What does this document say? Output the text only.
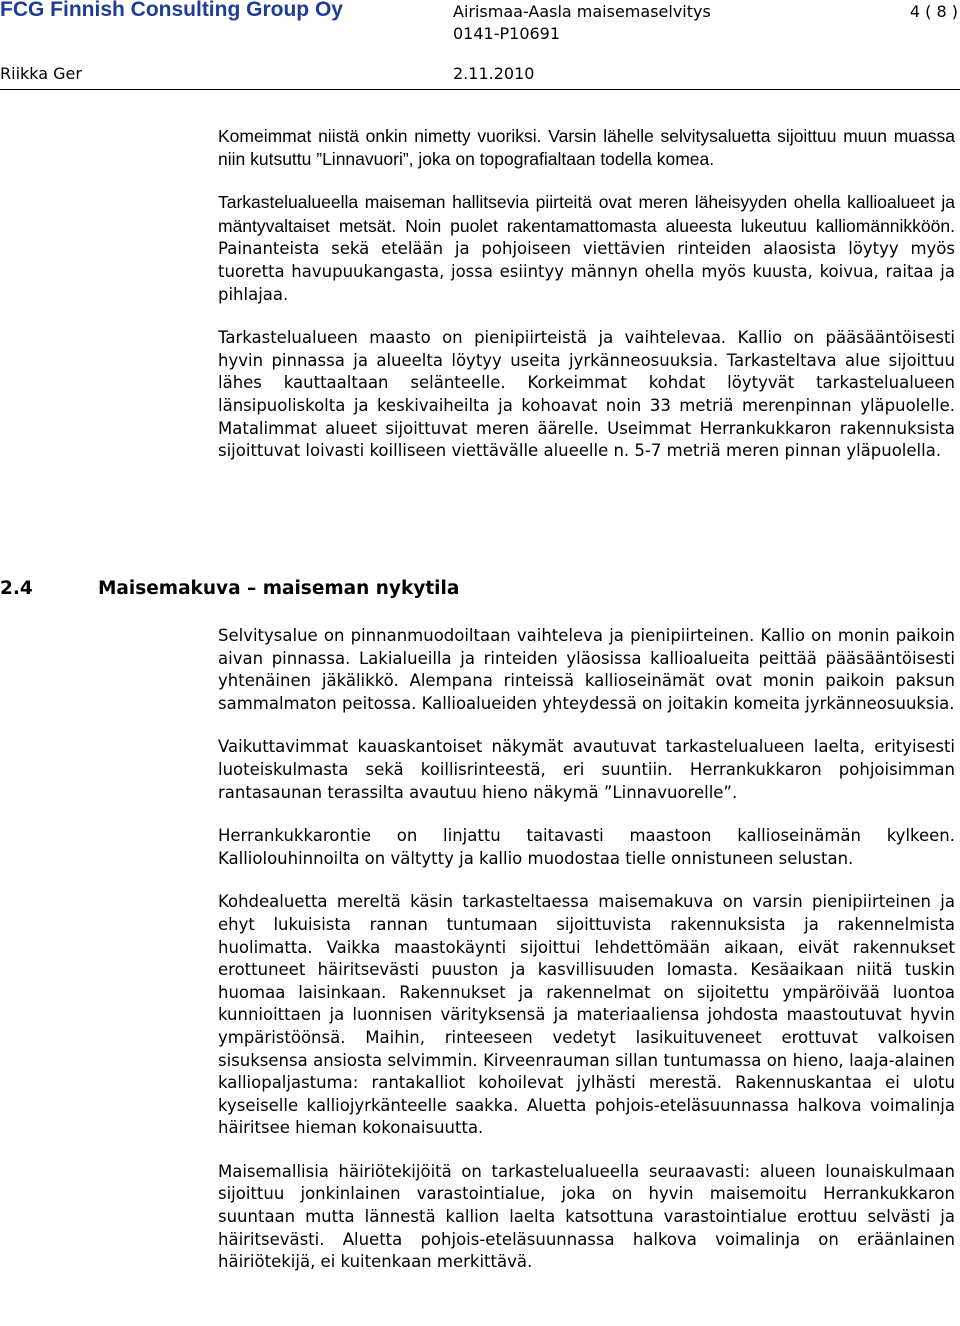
FCG Finnish Consulting Group Oy	Airismaa-Aasla maisemaselvitys
0141-P10691
4 ( 8 )
Riikka Ger	2.11.2010

Komeimmat niistä onkin nimetty vuoriksi. Varsin lähelle selvitysaluetta sijoittuu muun muassa niin kutsuttu ”Linnavuori”, joka on topografialtaan todella komea.

Tarkastelualueella maiseman hallitsevia piirteitä ovat meren läheisyyden ohella kallioalueet ja mäntyvaltaiset metsät. Noin puolet rakentamattomasta alueesta lukeutuu kalliomännikköön. Painanteista sekä etelään ja pohjoiseen viettävien rinteiden alaosista löytyy myös tuoretta havupuukangasta, jossa esiintyy männyn ohella myös kuusta, koivua, raitaa ja pihlajaa.

Tarkastelualueen maasto on pienipiirteistä ja vaihtelevaa. Kallio on pääsääntöisesti hyvin pinnassa ja alueelta löytyy useita jyrkänneosuuksia. Tarkasteltava alue sijoittuu lähes kauttaaltaan selänteelle. Korkeimmat kohdat löytyvät tarkastelualueen länsipuoliskolta ja keskivaiheilta ja kohoavat noin 33 metriä merenpinnan yläpuolelle. Matalimmat alueet sijoittuvat meren äärelle. Useimmat Herrankukkaron rakennuksista sijoittuvat loivasti koilliseen viettävälle alueelle n. 5-7 metriä meren pinnan yläpuolella.

2.4	Maisemakuva – maiseman nykytila

Selvitysalue on pinnanmuodoiltaan vaihteleva ja pienipiirteinen. Kallio on monin paikoin aivan pinnassa. Lakialueilla ja rinteiden yläosissa kallioalueita peittää pääsääntöisesti yhtenäinen jäkälikkö. Alempana rinteissä kallioseinämät ovat monin paikoin paksun sammalmaton peitossa. Kallioalueiden yhteydessä on joitakin komeita jyrkänneosuuksia.

Vaikuttavimmat kauaskantoiset näkymät avautuvat tarkastelualueen laelta, erityisesti luoteiskulmasta sekä koillisrinteestä, eri suuntiin. Herrankukkaron pohjoisimman rantasaunan terassilta avautuu hieno näkymä ”Linnavuorelle”.

Herrankukkarontie on linjattu taitavasti maastoon kallioseinämän kylkeen. Kalliolouhinnoilta on vältytty ja kallio muodostaa tielle onnistuneen selustan.

Kohdealuetta mereltä käsin tarkasteltaessa maisemakuva on varsin pienipiirteinen ja ehyt lukuisista rannan tuntumaan sijoittuvista rakennuksista ja rakennelmista huolimatta. Vaikka maastokäynti sijoittui lehdettömään aikaan, eivät rakennukset erottuneet häiritsevästi puuston ja kasvillisuuden lomasta. Kesäaikaan niitä tuskin huomaa laisinkaan. Rakennukset ja rakennelmat on sijoitettu ympäröivää luontoa kunnioittaen ja luonnisen värityksensä ja materiaaliensa johdosta maastoutuvat hyvin ympäristöönsä. Maihin, rinteeseen vedetyt lasikuituveneet erottuvat valkoisen sisuksensa ansiosta selvimmin. Kirveenrauman sillan tuntumassa on hieno, laaja-alainen kalliopaljastuma: rantakalliot kohoilevat jylhästi merestä. Rakennuskantaa ei ulotu kyseiselle kalliojyrkänteelle saakka. Aluetta pohjois-eteläsuunnassa halkova voimalinja häiritsee hieman kokonaisuutta.

Maisemallisia häiriötekijöitä on tarkastelualueella seuraavasti: alueen lounaiskulmaan sijoittuu jonkinlainen varastointialue, joka on hyvin maisemoitu Herrankukkaron suuntaan mutta lännestä kallion laelta katsottuna varastointialue erottuu selvästi ja häiritsevästi. Aluetta pohjois-eteläsuunnassa halkova voimalinja on eräänlainen häiriötekijä, ei kuitenkaan merkittävä.
